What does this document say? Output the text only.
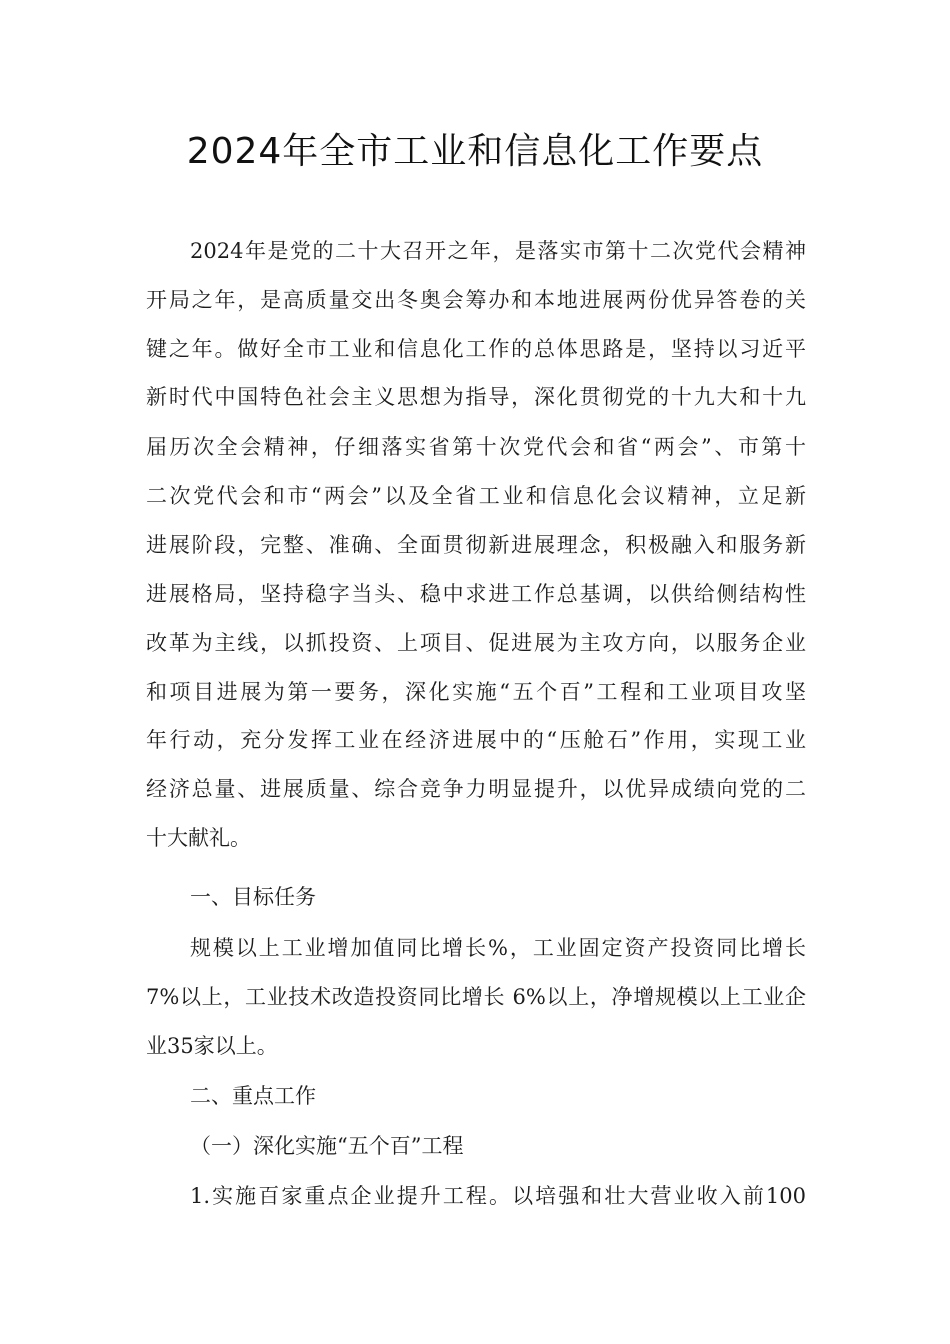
2024年全市工业和信息化工作要点
2024年是党的二十大召开之年，是落实市第十二次党代会精神
开局之年，是高质量交出冬奥会筹办和本地进展两份优异答卷的关
键之年。做好全市工业和信息化工作的总体思路是，坚持以习近平
新时代中国特色社会主义思想为指导，深化贯彻党的十九大和十九
届历次全会精神，仔细落实省第十次党代会和省“两会”、市第十
二次党代会和市“两会”以及全省工业和信息化会议精神，立足新
进展阶段，完整、准确、全面贯彻新进展理念，积极融入和服务新
进展格局，坚持稳字当头、稳中求进工作总基调，以供给侧结构性
改革为主线，以抓投资、上项目、促进展为主攻方向，以服务企业
和项目进展为第一要务，深化实施“五个百”工程和工业项目攻坚
年行动，充分发挥工业在经济进展中的“压舱石”作用，实现工业
经济总量、进展质量、综合竞争力明显提升，以优异成绩向党的二
十大献礼。
一、目标任务
规模以上工业增加值同比增长%，工业固定资产投资同比增长
7%以上，工业技术改造投资同比增长 6%以上，净增规模以上工业企
业35家以上。
二、重点工作
（一）深化实施“五个百”工程
1.实施百家重点企业提升工程。以培强和壮大营业收入前100
